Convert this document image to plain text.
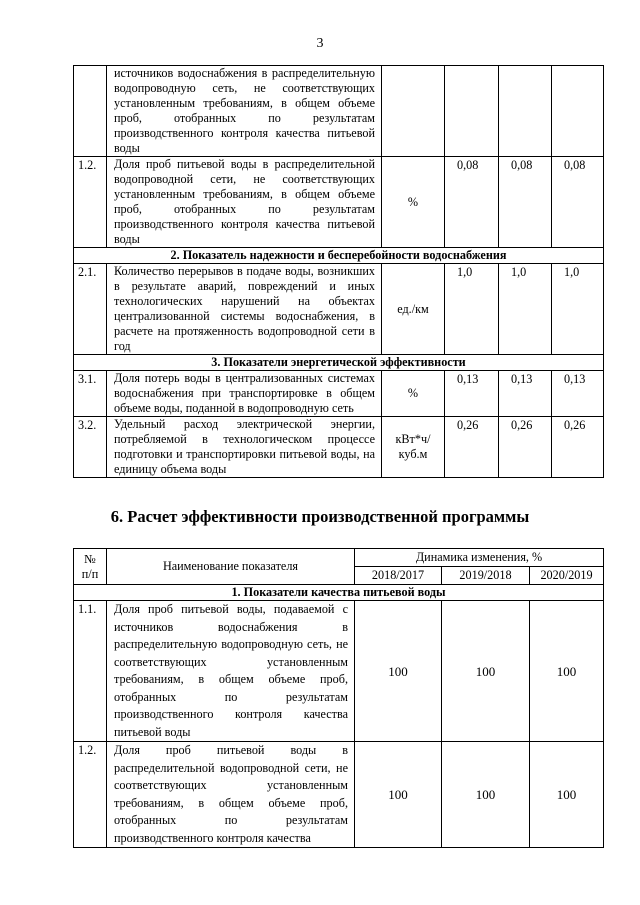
3
	источников водоснабжения в распределительную водопроводную сеть, не соответствующих установленным требованиям, в общем объеме проб, отобранных по результатам производственного контроля качества питьевой воды				
1.2.	Доля проб питьевой воды в распределительной водопроводной сети, не соответствующих установленным требованиям, в общем объеме проб, отобранных по результатам производственного контроля качества питьевой воды	%	0,08	0,08	0,08
2. Показатель надежности и бесперебойности водоснабжения					
2.1.	Количество перерывов в подаче воды, возникших в результате аварий, повреждений и иных технологических нарушений на объектах централизованной системы водоснабжения, в расчете на протяженность водопроводной сети в год	ед./км	1,0	1,0	1,0
3. Показатели энергетической эффективности					
3.1.	Доля потерь воды в централизованных системах водоснабжения при транспортировке в общем объеме воды, поданной в водопроводную сеть	%	0,13	0,13	0,13
3.2.	Удельный расход электрической энергии, потребляемой в технологическом процессе подготовки и транспортировки питьевой воды, на единицу объема воды	кВт*ч/ куб.м	0,26	0,26	0,26
6. Расчет эффективности производственной программы
№ п/п	Наименование показателя	Динамика изменения, %		
		2018/2017	2019/2018	2020/2019
1. Показатели качества питьевой воды				
1.1.	Доля проб питьевой воды, подаваемой с источников водоснабжения в распределительную водопроводную сеть, не соответствующих установленным требованиям, в общем объеме проб, отобранных по результатам производственного контроля качества питьевой воды	100	100	100
1.2.	Доля проб питьевой воды в распределительной водопроводной сети, не соответствующих установленным требованиям, в общем объеме проб, отобранных по результатам производственного контроля качества	100	100	100
